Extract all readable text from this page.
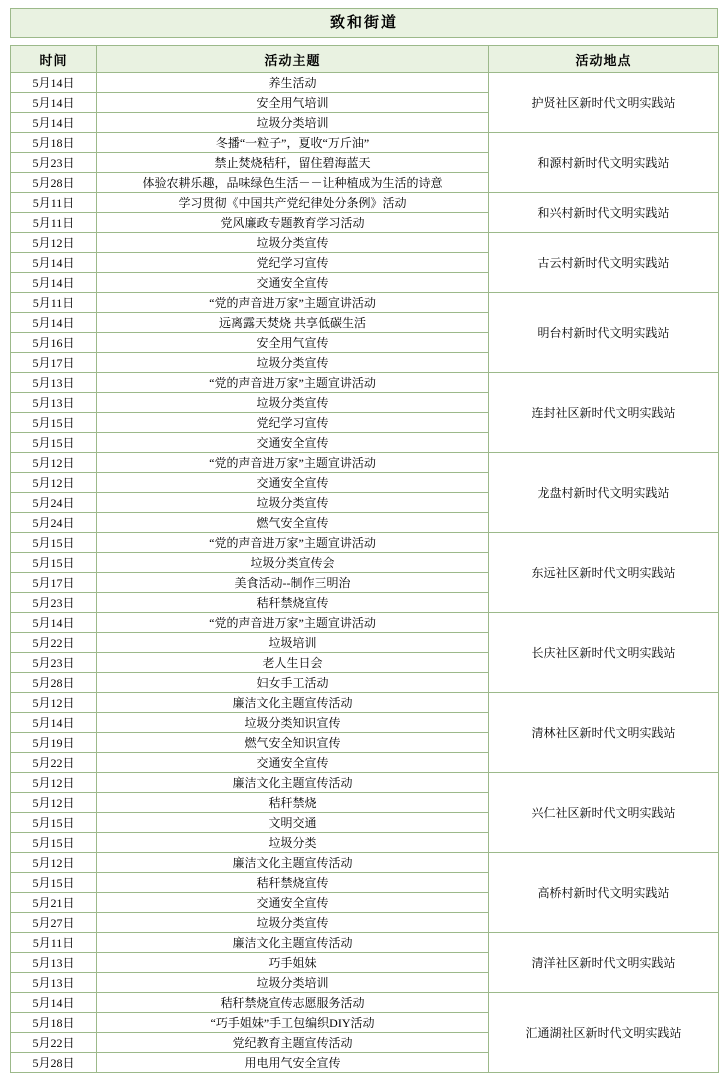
致和街道
时间	活动主题	活动地点
5月14日	养生活动	护贤社区新时代文明实践站
5月14日	安全用气培训	
5月14日	垃圾分类培训	
5月18日	冬播“一粒子”，夏收“万斤油”	和源村新时代文明实践站
5月23日	禁止焚烧秸秆，留住碧海蓝天	
5月28日	体验农耕乐趣，品味绿色生活－－让种植成为生活的诗意	
5月11日	学习贯彻《中国共产党纪律处分条例》活动	和兴村新时代文明实践站
5月11日	党风廉政专题教育学习活动	
5月12日	垃圾分类宣传	古云村新时代文明实践站
5月14日	党纪学习宣传	
5月14日	交通安全宣传	
5月11日	“党的声音进万家”主题宣讲活动	明台村新时代文明实践站
5月14日	远离露天焚烧 共享低碳生活	
5月16日	安全用气宣传	
5月17日	垃圾分类宣传	
5月13日	“党的声音进万家”主题宣讲活动	连封社区新时代文明实践站
5月13日	垃圾分类宣传	
5月15日	党纪学习宣传	
5月15日	交通安全宣传	
5月12日	“党的声音进万家”主题宣讲活动	龙盘村新时代文明实践站
5月12日	交通安全宣传	
5月24日	垃圾分类宣传	
5月24日	燃气安全宣传	
5月15日	“党的声音进万家”主题宣讲活动	东远社区新时代文明实践站
5月15日	垃圾分类宣传会	
5月17日	美食活动--制作三明治	
5月23日	秸秆禁烧宣传	
5月14日	“党的声音进万家”主题宣讲活动	长庆社区新时代文明实践站
5月22日	垃圾培训	
5月23日	老人生日会	
5月28日	妇女手工活动	
5月12日	廉洁文化主题宣传活动	清林社区新时代文明实践站
5月14日	垃圾分类知识宣传	
5月19日	燃气安全知识宣传	
5月22日	交通安全宣传	
5月12日	廉洁文化主题宣传活动	兴仁社区新时代文明实践站
5月12日	秸秆禁烧	
5月15日	文明交通	
5月15日	垃圾分类	
5月12日	廉洁文化主题宣传活动	高桥村新时代文明实践站
5月15日	秸秆禁烧宣传	
5月21日	交通安全宣传	
5月27日	垃圾分类宣传	
5月11日	廉洁文化主题宣传活动	清洋社区新时代文明实践站
5月13日	巧手姐妹	
5月13日	垃圾分类培训	
5月14日	秸秆禁烧宣传志愿服务活动	汇通湖社区新时代文明实践站
5月18日	“巧手姐妹”手工包编织DIY活动	
5月22日	党纪教育主题宣传活动	
5月28日	用电用气安全宣传	
